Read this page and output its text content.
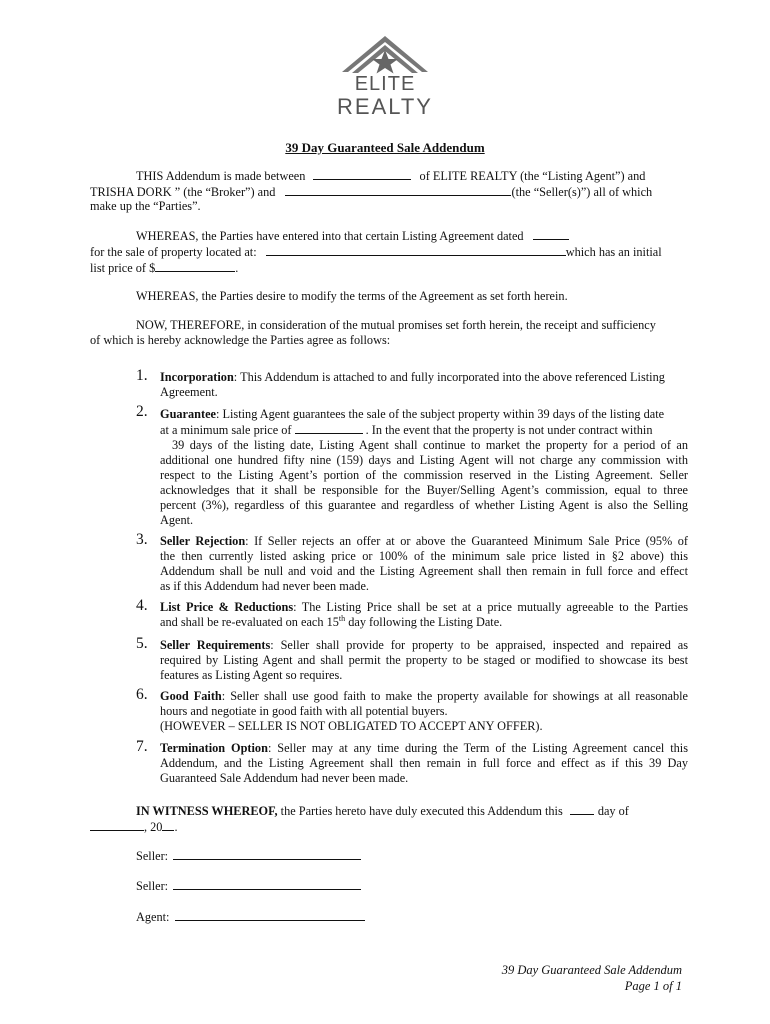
ELITE
REALTY
39 Day Guaranteed Sale Addendum
THIS Addendum is made between	of ELITE REALTY (the “Listing Agent”) and
TRISHA DORK ” (the “Broker”) and	(the “Seller(s)”) all of which
make up the “Parties”.
WHEREAS, the Parties have entered into that certain Listing Agreement dated
for the sale of property located at:	which has an initial
list price of $	.
WHEREAS, the Parties desire to modify the terms of the Agreement as set forth herein.
NOW, THEREFORE, in consideration of the mutual promises set forth herein, the receipt and sufficiency
of which is hereby acknowledge the Parties agree as follows:
1. Incorporation: This Addendum is attached to and fully incorporated into the above referenced Listing
Agreement.
2. Guarantee: Listing Agent guarantees the sale of the subject property within 39 days of the listing date
at a minimum sale price of	. In the event that the property is not under contract within
39 days of the listing date, Listing Agent shall continue to market the property for a period of an
additional one hundred fifty nine (159) days and Listing Agent will not charge any commission with
respect to the Listing Agent’s portion of the commission reserved in the Listing Agreement. Seller
acknowledges that it shall be responsible for the Buyer/Selling Agent’s commission, equal to three
percent (3%), regardless of this guarantee and regardless of whether Listing Agent is also the Selling
Agent.
3. Seller Rejection: If Seller rejects an offer at or above the Guaranteed Minimum Sale Price (95% of
the then currently listed asking price or 100% of the minimum sale price listed in §2 above) this
Addendum shall be null and void and the Listing Agreement shall then remain in full force and effect
as if this Addendum had never been made.
4. List Price & Reductions: The Listing Price shall be set at a price mutually agreeable to the Parties
and shall be re-evaluated on each 15th day following the Listing Date.
5. Seller Requirements: Seller shall provide for property to be appraised, inspected and repaired as
required by Listing Agent and shall permit the property to be staged or modified to showcase its best
features as Listing Agent so requires.
6. Good Faith: Seller shall use good faith to make the property available for showings at all reasonable
hours and negotiate in good faith with all potential buyers.
(HOWEVER – SELLER IS NOT OBLIGATED TO ACCEPT ANY OFFER).
7. Termination Option: Seller may at any time during the Term of the Listing Agreement cancel this
Addendum, and the Listing Agreement shall then remain in full force and effect as if this 39 Day
Guaranteed Sale Addendum had never been made.
IN WITNESS WHEREOF, the Parties hereto have duly executed this Addendum this	day of
, 20 .
Seller:
Seller:
Agent:
39 Day Guaranteed Sale Addendum
Page 1 of 1
